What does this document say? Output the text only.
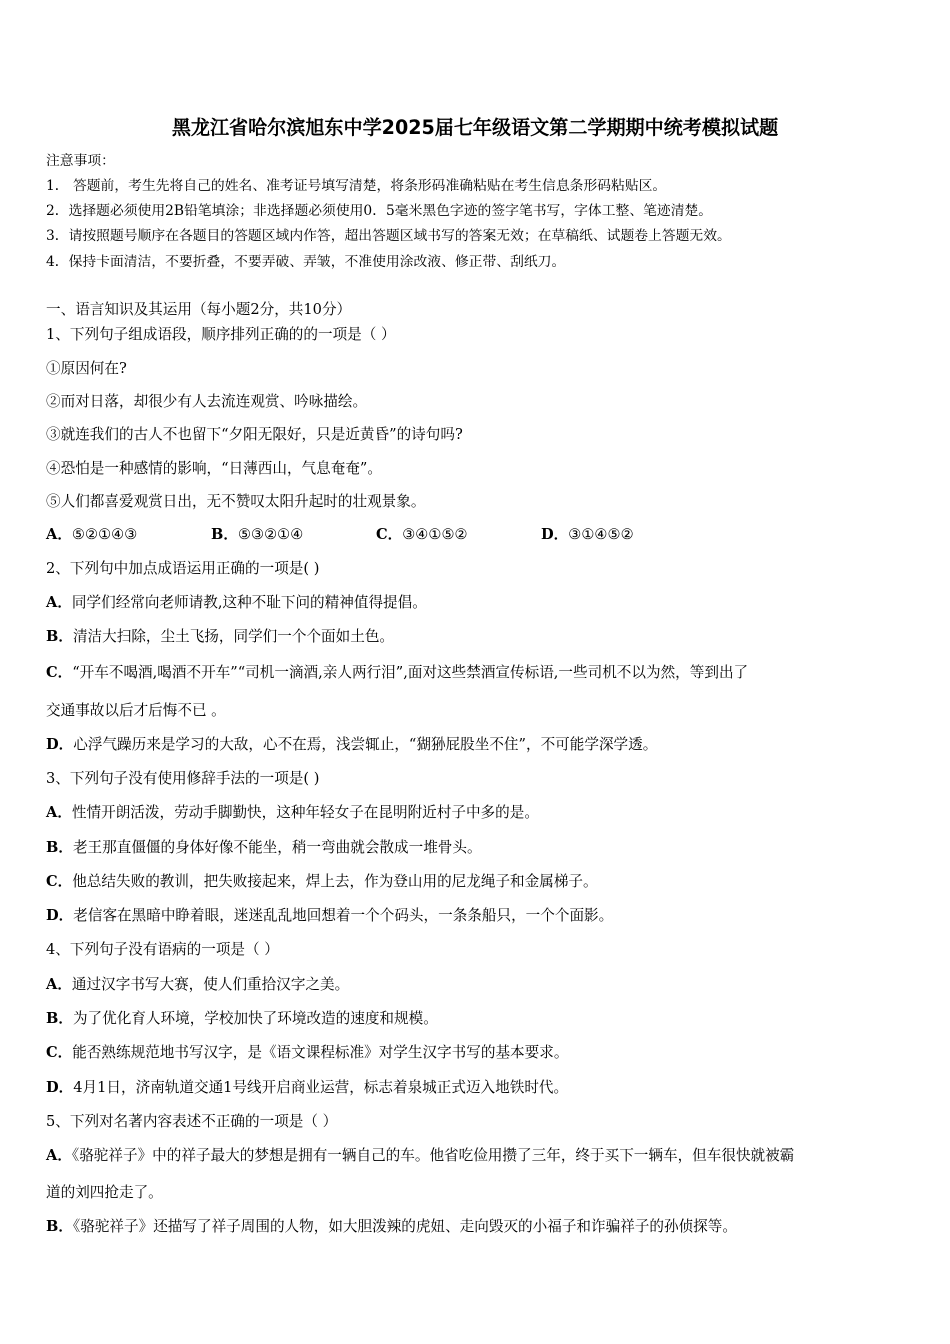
黑龙江省哈尔滨旭东中学2025届七年级语文第二学期期中统考模拟试题
注意事项：
1． 答题前，考生先将自己的姓名、准考证号填写清楚，将条形码准确粘贴在考生信息条形码粘贴区。
2．选择题必须使用2B铅笔填涂；非选择题必须使用0．5毫米黑色字迹的签字笔书写，字体工整、笔迹清楚。
3．请按照题号顺序在各题目的答题区域内作答，超出答题区域书写的答案无效；在草稿纸、试题卷上答题无效。
4．保持卡面清洁，不要折叠，不要弄破、弄皱，不准使用涂改液、修正带、刮纸刀。
一、语言知识及其运用（每小题2分，共10分）
1、下列句子组成语段，顺序排列正确的的一项是（ ）
①原因何在?
②而对日落，却很少有人去流连观赏、吟咏描绘。
③就连我们的古人不也留下“夕阳无限好，只是近黄昏”的诗句吗?
④恐怕是一种感情的影响，“日薄西山，气息奄奄”。
⑤人们都喜爱观赏日出，无不赞叹太阳升起时的壮观景象。
A．⑤②①④③	B．⑤③②①④	C．③④①⑤②	D．③①④⑤②
2、下列句中加点成语运用正确的一项是( )
A．同学们经常向老师请教,这种不耻下问的精神值得提倡。
B．清洁大扫除，尘土飞扬，同学们一个个面如土色。
C．“开车不喝酒,喝酒不开车”“司机一滴酒,亲人两行泪”,面对这些禁酒宣传标语,一些司机不以为然，等到出了
交通事故以后才后悔不已 。
D．心浮气躁历来是学习的大敌，心不在焉，浅尝辄止，“猢狲屁股坐不住”，不可能学深学透。
3、下列句子没有使用修辞手法的一项是( )
A．性情开朗活泼，劳动手脚勤快，这种年轻女子在昆明附近村子中多的是。
B．老王那直僵僵的身体好像不能坐，稍一弯曲就会散成一堆骨头。
C．他总结失败的教训，把失败接起来，焊上去，作为登山用的尼龙绳子和金属梯子。
D．老信客在黑暗中睁着眼，迷迷乱乱地回想着一个个码头，一条条船只，一个个面影。
4、下列句子没有语病的一项是（ ）
A．通过汉字书写大赛，使人们重拾汉字之美。
B．为了优化育人环境，学校加快了环境改造的速度和规模。
C．能否熟练规范地书写汉字，是《语文课程标准》对学生汉字书写的基本要求。
D．4月1日，济南轨道交通1号线开启商业运营，标志着泉城正式迈入地铁时代。
5、下列对名著内容表述不正确的一项是（ ）
A．《骆驼祥子》中的祥子最大的梦想是拥有一辆自己的车。他省吃俭用攒了三年，终于买下一辆车，但车很快就被霸
道的刘四抢走了。
B．《骆驼祥子》还描写了祥子周围的人物，如大胆泼辣的虎妞、走向毁灭的小福子和诈骗祥子的孙侦探等。
